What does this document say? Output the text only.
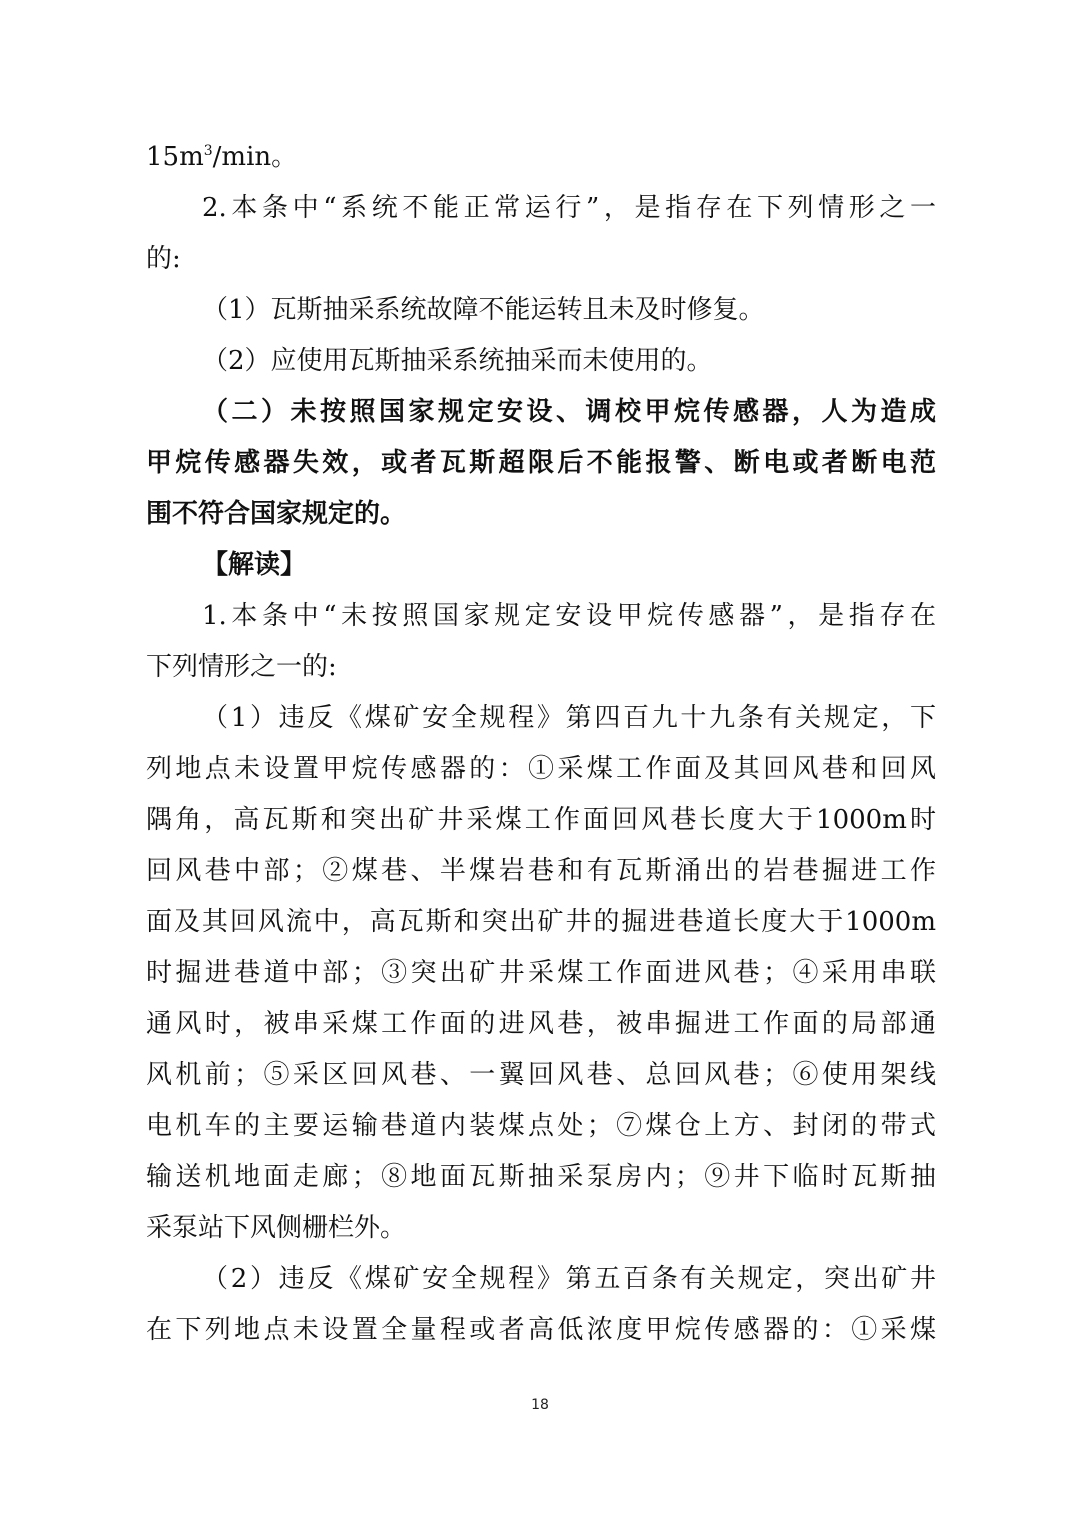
$15m^3/\min$。
2.本条中“系统不能正常运行”，是指存在下列情形之一
的:
（1）瓦斯抽采系统故障不能运转且未及时修复。
（2）应使用瓦斯抽采系统抽采而未使用的。
（二）未按照国家规定安设、调校甲烷传感器，人为造成
甲烷传感器失效，或者瓦斯超限后不能报警、断电或者断电范
围不符合国家规定的。
【解读】
1.本条中“未按照国家规定安设甲烷传感器”，是指存在
下列情形之一的:
（1）违反《煤矿安全规程》第四百九十九条有关规定，下
列地点未设置甲烷传感器的：①采煤工作面及其回风巷和回风
隅角，高瓦斯和突出矿井采煤工作面回风巷长度大于1000m时
回风巷中部；②煤巷、半煤岩巷和有瓦斯涌出的岩巷掘进工作
面及其回风流中，高瓦斯和突出矿井的掘进巷道长度大于1000m
时掘进巷道中部；③突出矿井采煤工作面进风巷；④采用串联
通风时，被串采煤工作面的进风巷，被串掘进工作面的局部通
风机前；⑤采区回风巷、一翼回风巷、总回风巷；⑥使用架线
电机车的主要运输巷道内装煤点处；⑦煤仓上方、封闭的带式
输送机地面走廊；⑧地面瓦斯抽采泵房内；⑨井下临时瓦斯抽
采泵站下风侧栅栏外。
（2）违反《煤矿安全规程》第五百条有关规定，突出矿井
在下列地点未设置全量程或者高低浓度甲烷传感器的：①采煤
18
